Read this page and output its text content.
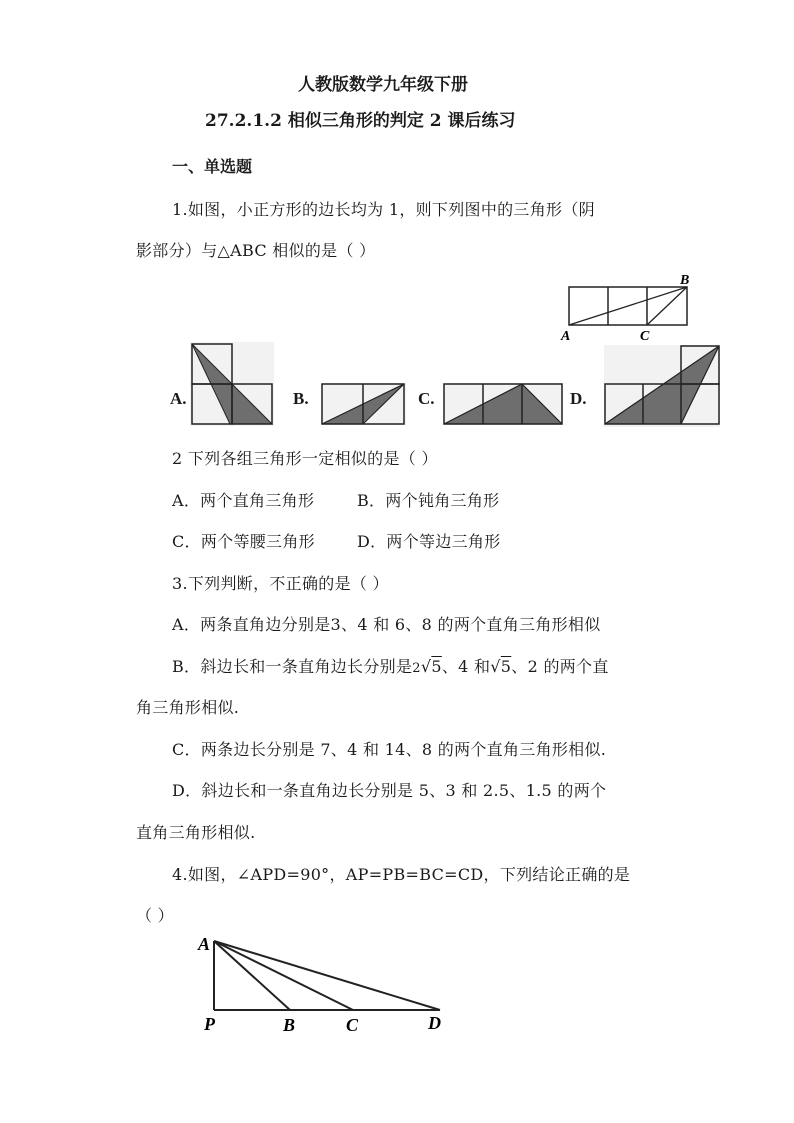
人教版数学九年级下册
27.2.1.2 相似三角形的判定 2 课后练习
一、单选题
1.如图，小正方形的边长均为 1，则下列图中的三角形（阴
影部分）与△ABC 相似的是（ ）
A	C
B
A.	B.	C.	D.
2 下列各组三角形一定相似的是（ ）
A．两个直角三角形	B．两个钝角三角形
C．两个等腰三角形	D．两个等边三角形
3.下列判断，不正确的是（ ）
A．两条直角边分别是3、4 和 6、8 的两个直角三角形相似
B．斜边长和一条直角边长分别是2√5、4 和√5、2 的两个直
角三角形相似.
C．两条边长分别是 7、4 和 14、8 的两个直角三角形相似.
D．斜边长和一条直角边长分别是 5、3 和 2.5、1.5 的两个
直角三角形相似.
4.如图，∠APD=90°，AP=PB=BC=CD，下列结论正确的是
（ ）
A
P	B	C	D
